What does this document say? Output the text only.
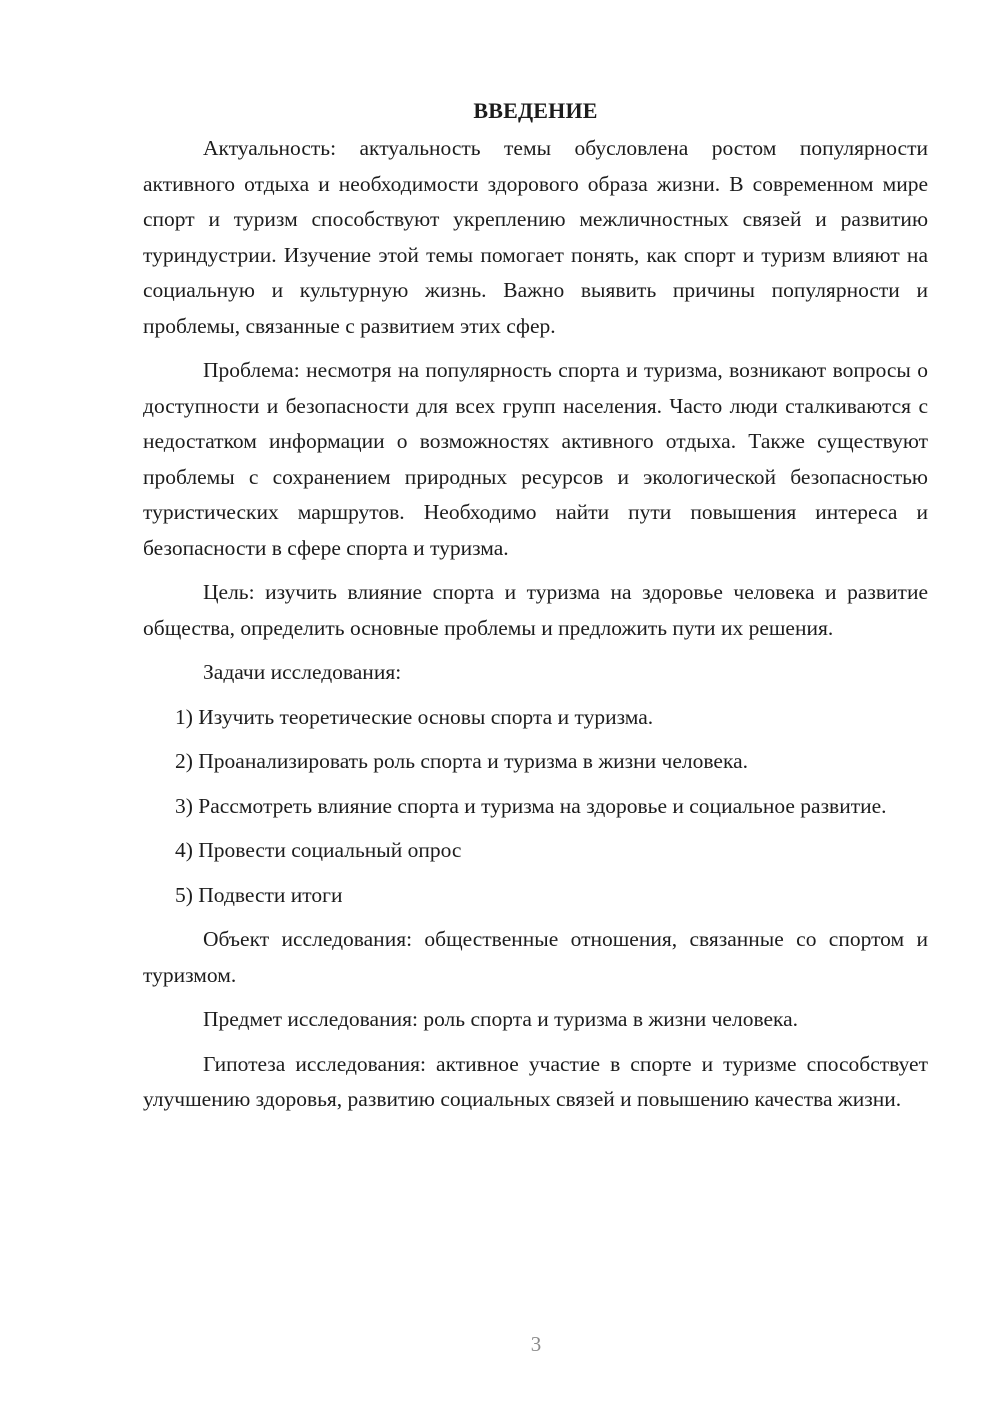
ВВЕДЕНИЕ

Актуальность: актуальность темы обусловлена ростом популярности активного отдыха и необходимости здорового образа жизни. В современном мире спорт и туризм способствуют укреплению межличностных связей и развитию туриндустрии. Изучение этой темы помогает понять, как спорт и туризм влияют на социальную и культурную жизнь. Важно выявить причины популярности и проблемы, связанные с развитием этих сфер.

Проблема: несмотря на популярность спорта и туризма, возникают вопросы о доступности и безопасности для всех групп населения. Часто люди сталкиваются с недостатком информации о возможностях активного отдыха. Также существуют проблемы с сохранением природных ресурсов и экологической безопасностью туристических маршрутов. Необходимо найти пути повышения интереса и безопасности в сфере спорта и туризма.

Цель: изучить влияние спорта и туризма на здоровье человека и развитие общества, определить основные проблемы и предложить пути их решения.

Задачи исследования:

1) Изучить теоретические основы спорта и туризма.

2) Проанализировать роль спорта и туризма в жизни человека.

3) Рассмотреть влияние спорта и туризма на здоровье и социальное развитие.

4) Провести социальный опрос

5) Подвести итоги

Объект исследования: общественные отношения, связанные со спортом и туризмом.

Предмет исследования: роль спорта и туризма в жизни человека.

Гипотеза исследования: активное участие в спорте и туризме способствует улучшению здоровья, развитию социальных связей и повышению качества жизни.

3
